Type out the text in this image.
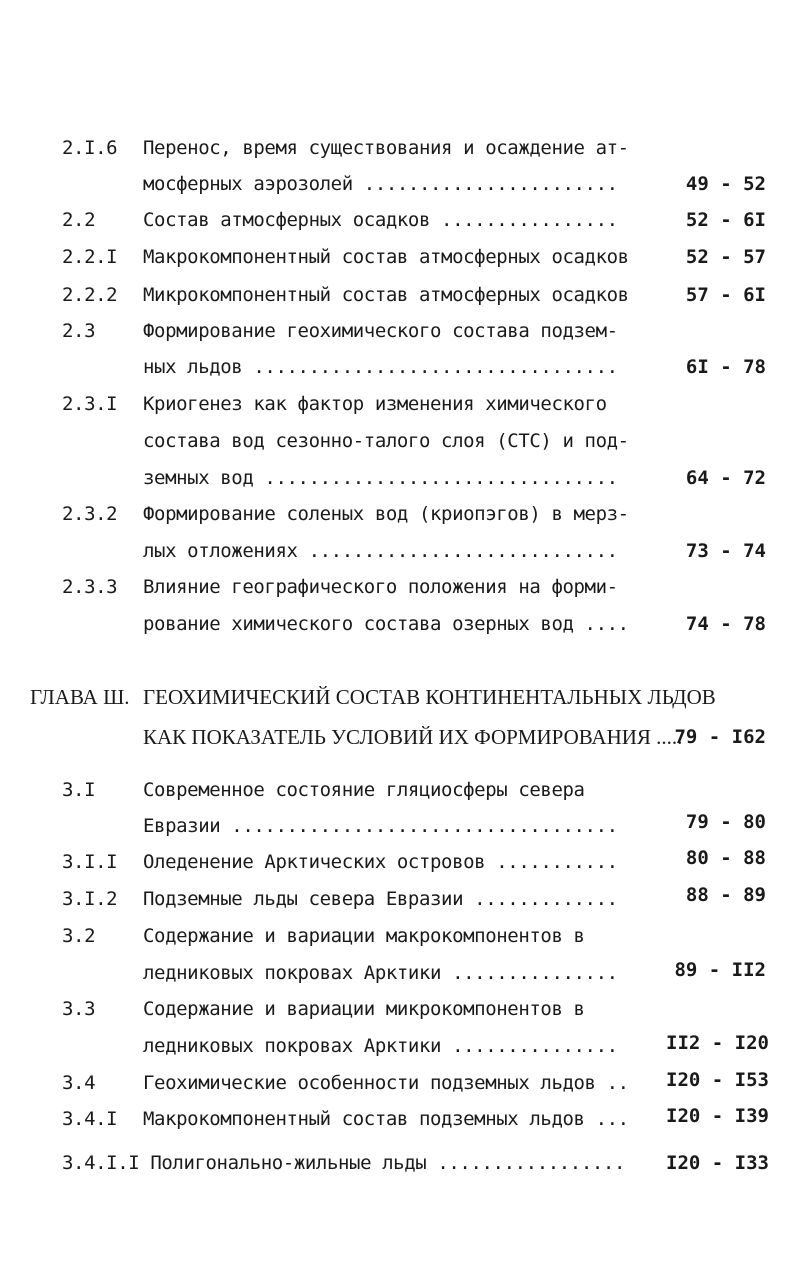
2.I.6 Перенос, время существования и осаждение ат-
мосферных аэрозолей .......................	49 - 52
2.2	Состав атмосферных осадков ................	52 - 6I
2.2.I Макрокомпонентный состав атмосферных осадков	52 - 57
2.2.2 Микрокомпонентный состав атмосферных осадков	57 - 6I
2.3	Формирование геохимического состава подзем-
ных льдов .................................	6I - 78
2.3.I Криогенез как фактор изменения химического
состава вод сезонно-талого слоя (СТС) и под-
земных вод ................................	64 - 72
2.3.2 Формирование соленых вод (криопэгов) в мерз-
лых отложениях ............................	73 - 74
2.3.3 Влияние географического положения на форми-
рование химического состава озерных вод ....	74 - 78
ГЛАВА Ш. ГЕОХИМИЧЕСКИЙ СОСТАВ КОНТИНЕНТАЛЬНЫХ ЛЬДОВ
КАК ПОКАЗАТЕЛЬ УСЛОВИЙ ИХ ФОРМИРОВАНИЯ .....
79 - I62
3.I	Современное состояние гляциосферы севера
Евразии ...................................	79 - 80
3.I.I Оледенение Арктических островов ...........	80 - 88
3.I.2 Подземные льды севера Евразии .............	88 - 89
3.2	Содержание и вариации макрокомпонентов в
ледниковых покровах Арктики ...............	89 - II2
3.3	Содержание и вариации микрокомпонентов в
ледниковых покровах Арктики ...............	II2 - I20
3.4	Геохимические особенности подземных льдов .. I20 - I53
3.4.I Макрокомпонентный состав подземных льдов ... I20 - I39
3.4.I.I Полигонально-жильные льды ................. I20 - I33
